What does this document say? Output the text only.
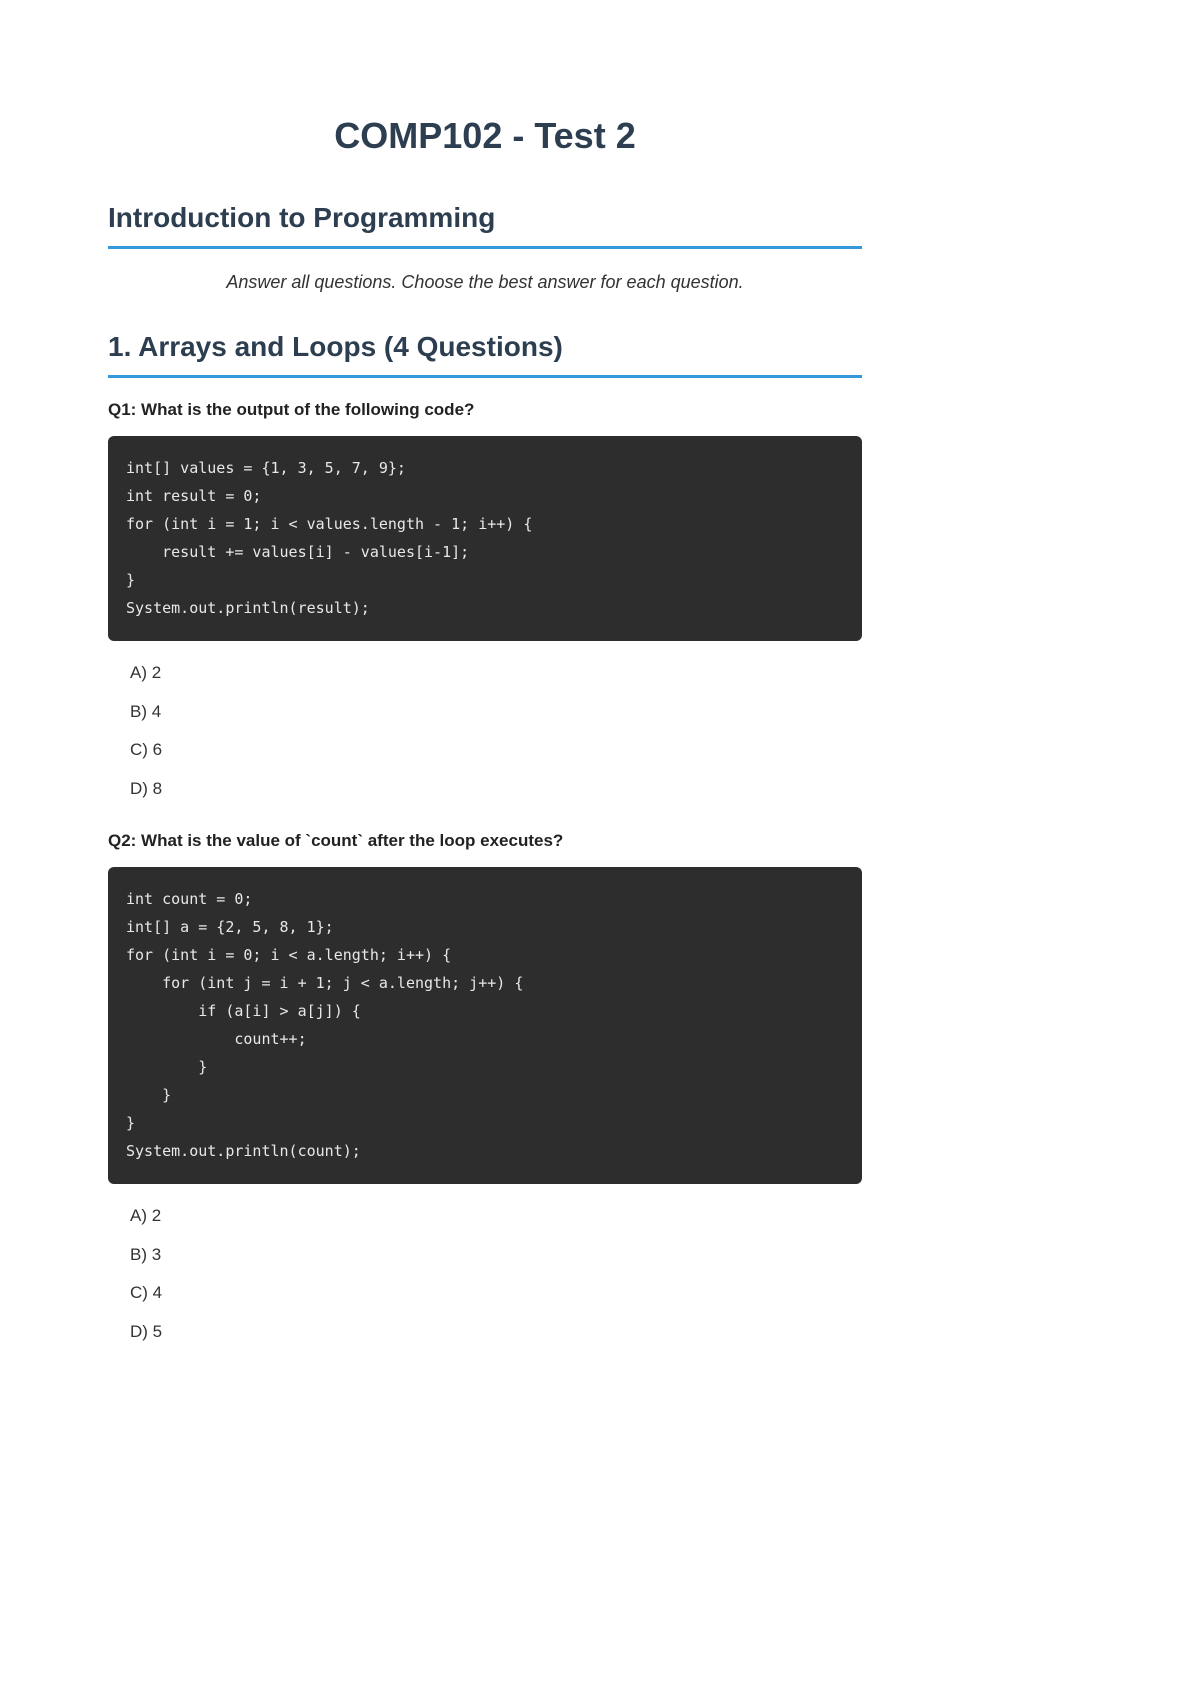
COMP102 - Test 2
Introduction to Programming

Answer all questions. Choose the best answer for each question.

1. Arrays and Loops (4 Questions)

Q1: What is the output of the following code?

int[] values = {1, 3, 5, 7, 9};
int result = 0;
for (int i = 1; i < values.length - 1; i++) {
result += values[i] - values[i-1];
}
System.out.println(result);
A) 2
B) 4
C) 6
D) 8

Q2: What is the value of `count` after the loop executes?

int count = 0;
int[] a = {2, 5, 8, 1};
for (int i = 0; i < a.length; i++) {
for (int j = i + 1; j < a.length; j++) {
if (a[i] > a[j]) {
count++;
}
}
}
System.out.println(count);
A) 2
B) 3
C) 4
D) 5
